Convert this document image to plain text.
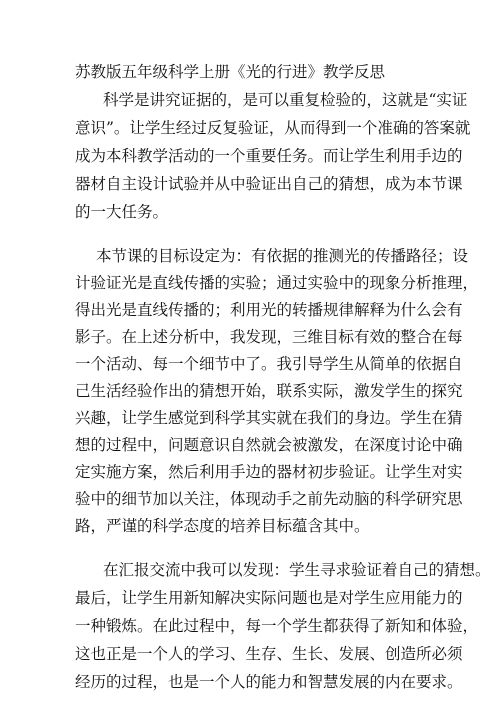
苏教版五年级科学上册《光的行进》教学反思
科学是讲究证据的，是可以重复检验的，这就是“实证
意识”。让学生经过反复验证，从而得到一个准确的答案就
成为本科教学活动的一个重要任务。而让学生利用手边的
器材自主设计试验并从中验证出自己的猜想，成为本节课
的一大任务。
本节课的目标设定为：有依据的推测光的传播路径；设
计验证光是直线传播的实验；通过实验中的现象分析推理，
得出光是直线传播的；利用光的转播规律解释为什么会有
影子。在上述分析中，我发现，三维目标有效的整合在每
一个活动、每一个细节中了。我引导学生从简单的依据自
己生活经验作出的猜想开始，联系实际，激发学生的探究
兴趣，让学生感觉到科学其实就在我们的身边。学生在猜
想的过程中，问题意识自然就会被激发，在深度讨论中确
定实施方案，然后利用手边的器材初步验证。让学生对实
验中的细节加以关注，体现动手之前先动脑的科学研究思
路，严谨的科学态度的培养目标蕴含其中。
在汇报交流中我可以发现：学生寻求验证着自己的猜想。
最后，让学生用新知解决实际问题也是对学生应用能力的
一种锻炼。在此过程中，每一个学生都获得了新知和体验，
这也正是一个人的学习、生存、生长、发展、创造所必须
经历的过程，也是一个人的能力和智慧发展的内在要求。
